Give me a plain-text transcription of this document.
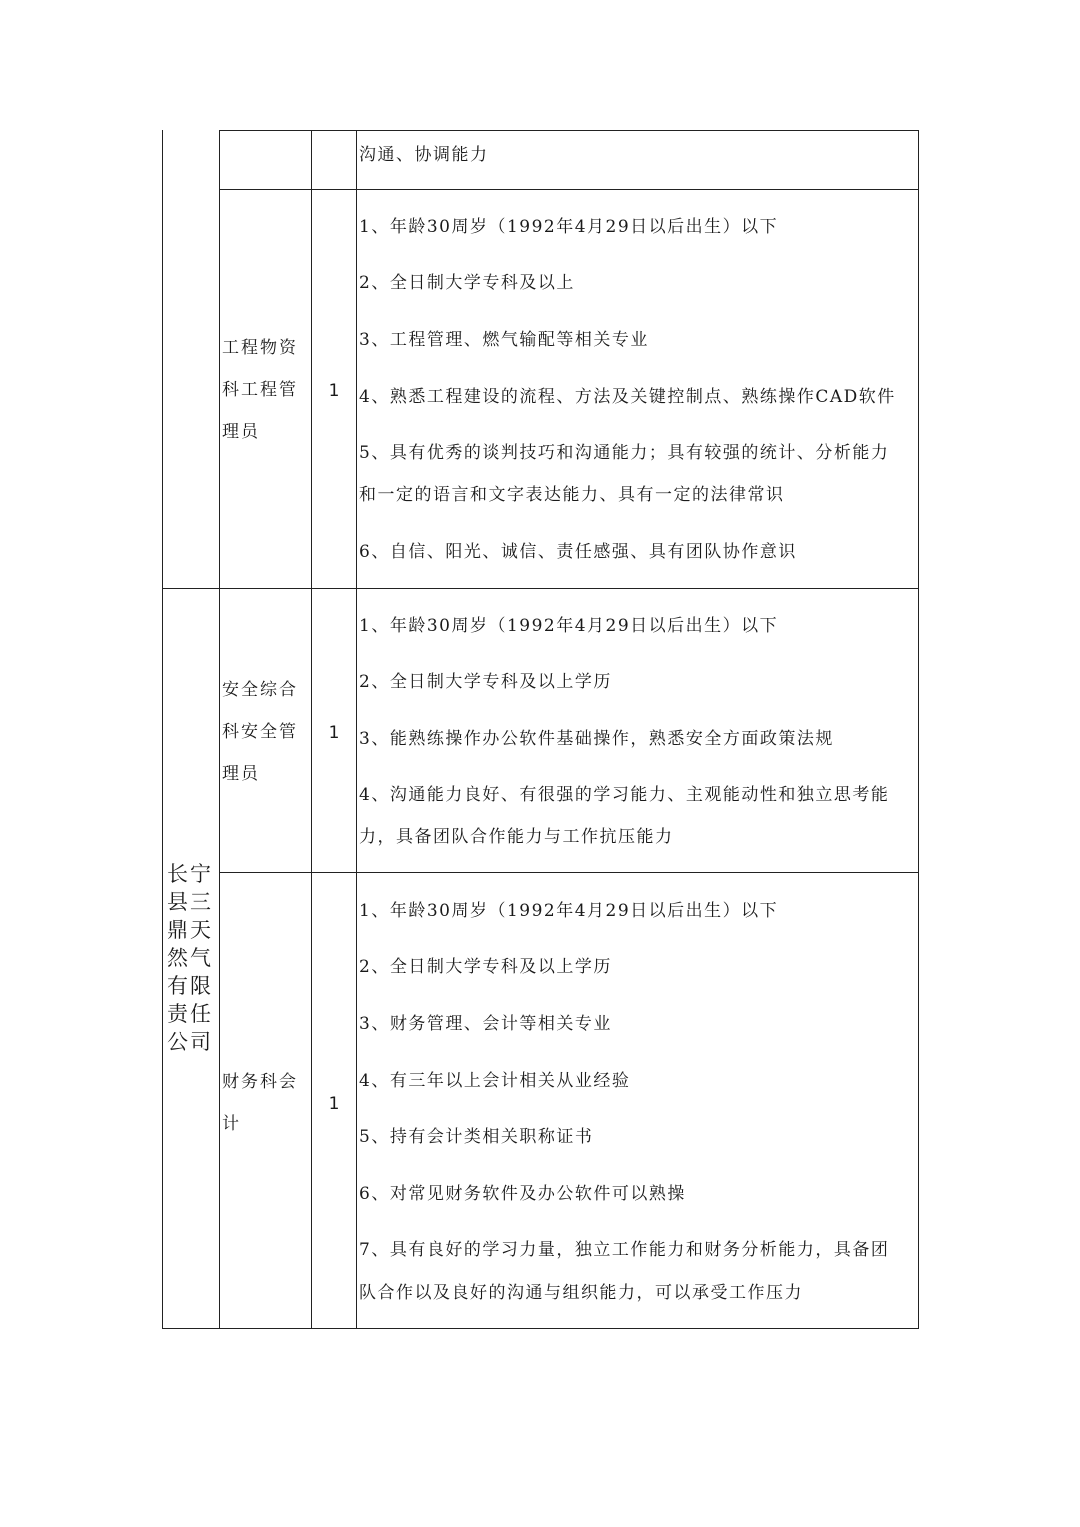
长宁县三鼎天然气有限责任公司
沟通、协调能力
工程物资科工程管理员
1
1、年龄30周岁（1992年4月29日以后出生）以下
2、全日制大学专科及以上
3、工程管理、燃气输配等相关专业
4、熟悉工程建设的流程、方法及关键控制点、熟练操作CAD软件
5、具有优秀的谈判技巧和沟通能力；具有较强的统计、分析能力
和一定的语言和文字表达能力、具有一定的法律常识
6、自信、阳光、诚信、责任感强、具有团队协作意识
安全综合科安全管理员
1
1、年龄30周岁（1992年4月29日以后出生）以下
2、全日制大学专科及以上学历
3、能熟练操作办公软件基础操作，熟悉安全方面政策法规
4、沟通能力良好、有很强的学习能力、主观能动性和独立思考能
力，具备团队合作能力与工作抗压能力
财务科会计
1
1、年龄30周岁（1992年4月29日以后出生）以下
2、全日制大学专科及以上学历
3、财务管理、会计等相关专业
4、有三年以上会计相关从业经验
5、持有会计类相关职称证书
6、对常见财务软件及办公软件可以熟操
7、具有良好的学习力量，独立工作能力和财务分析能力，具备团
队合作以及良好的沟通与组织能力，可以承受工作压力
